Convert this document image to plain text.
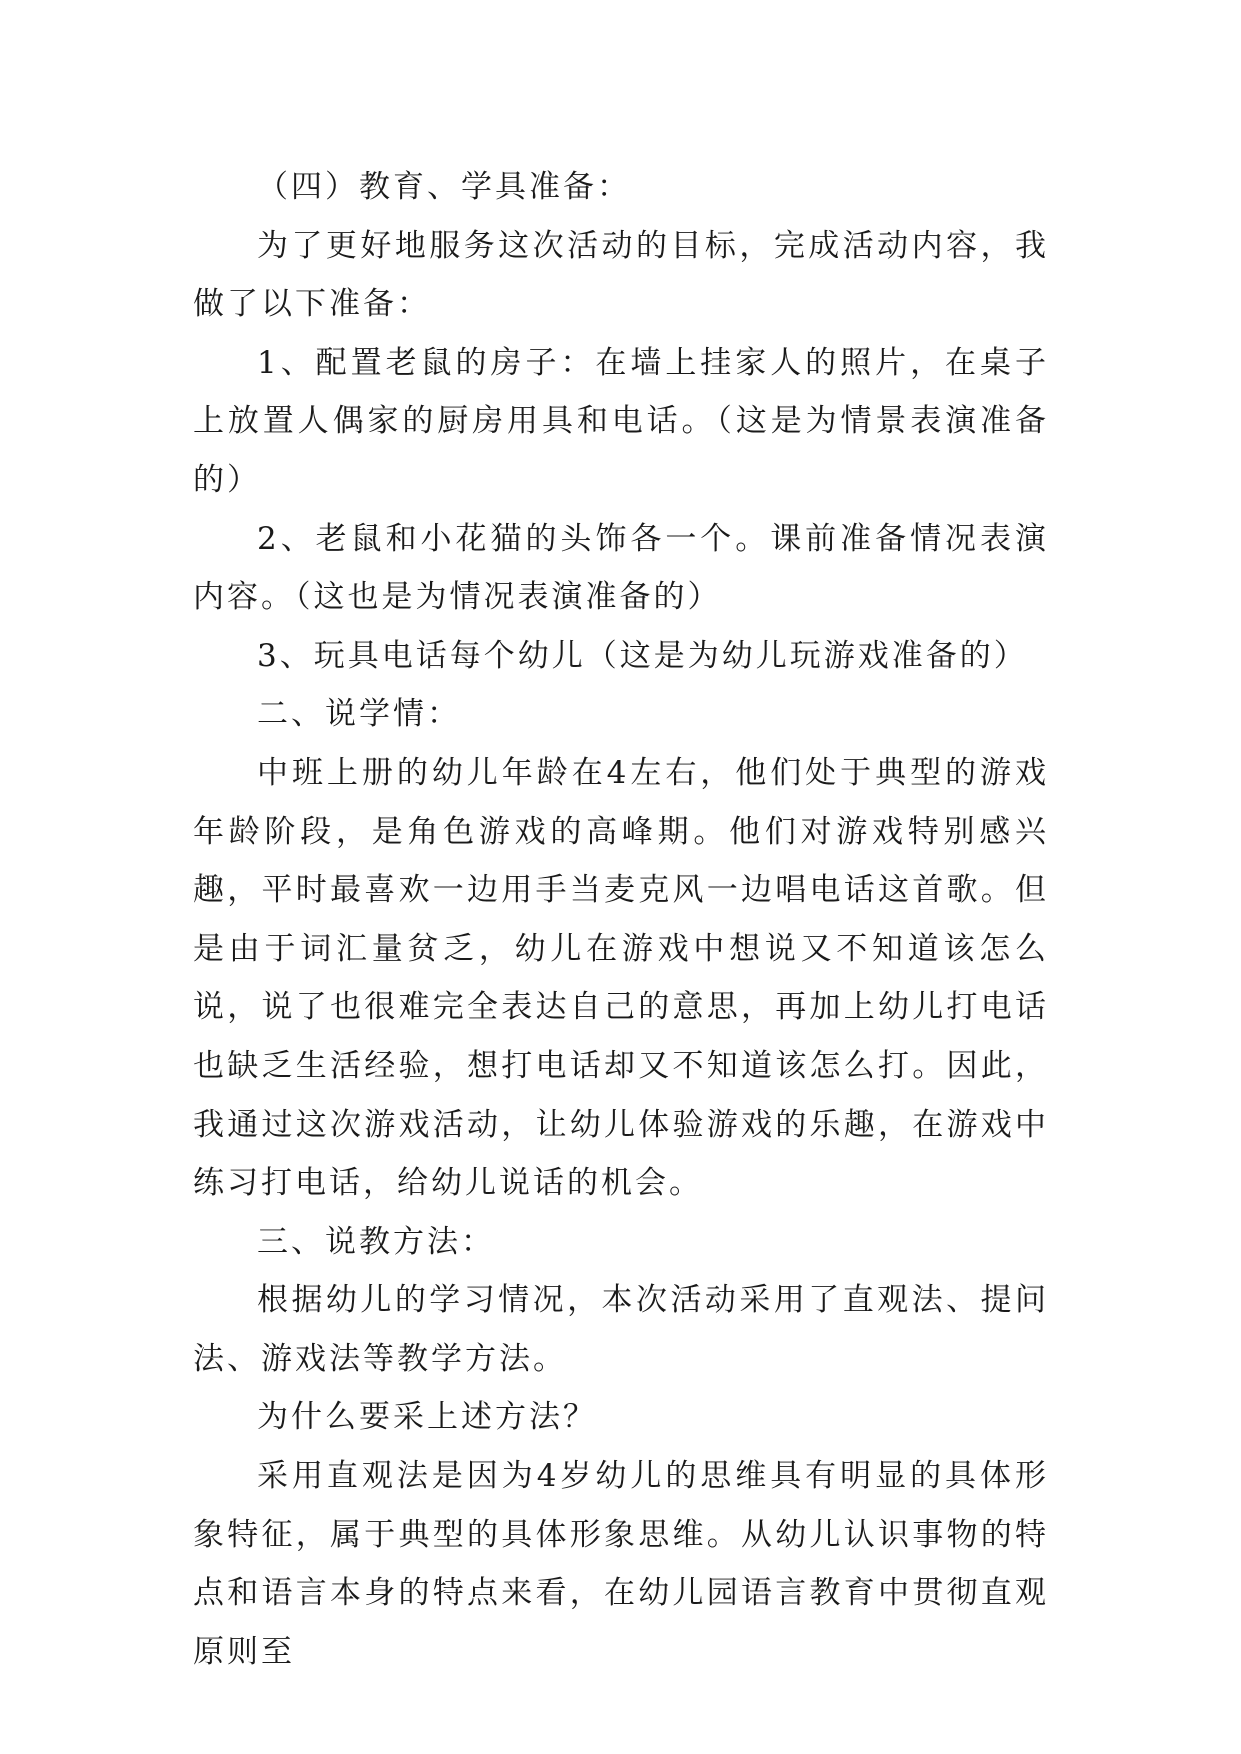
（四）教育、学具准备：

为了更好地服务这次活动的目标，完成活动内容，我做了以下准备：

1、配置老鼠的房子：在墙上挂家人的照片，在桌子上放置人偶家的厨房用具和电话。（这是为情景表演准备的）

2、老鼠和小花猫的头饰各一个。课前准备情况表演内容。（这也是为情况表演准备的）

3、玩具电话每个幼儿（这是为幼儿玩游戏准备的）

二、说学情：

中班上册的幼儿年龄在4左右，他们处于典型的游戏年龄阶段，是角色游戏的高峰期。他们对游戏特别感兴趣，平时最喜欢一边用手当麦克风一边唱电话这首歌。但是由于词汇量贫乏，幼儿在游戏中想说又不知道该怎么说，说了也很难完全表达自己的意思，再加上幼儿打电话也缺乏生活经验，想打电话却又不知道该怎么打。因此，我通过这次游戏活动，让幼儿体验游戏的乐趣，在游戏中练习打电话，给幼儿说话的机会。

三、说教方法：

根据幼儿的学习情况，本次活动采用了直观法、提问法、游戏法等教学方法。

为什么要采上述方法？

采用直观法是因为4岁幼儿的思维具有明显的具体形象特征，属于典型的具体形象思维。从幼儿认识事物的特点和语言本身的特点来看，在幼儿园语言教育中贯彻直观原则至
